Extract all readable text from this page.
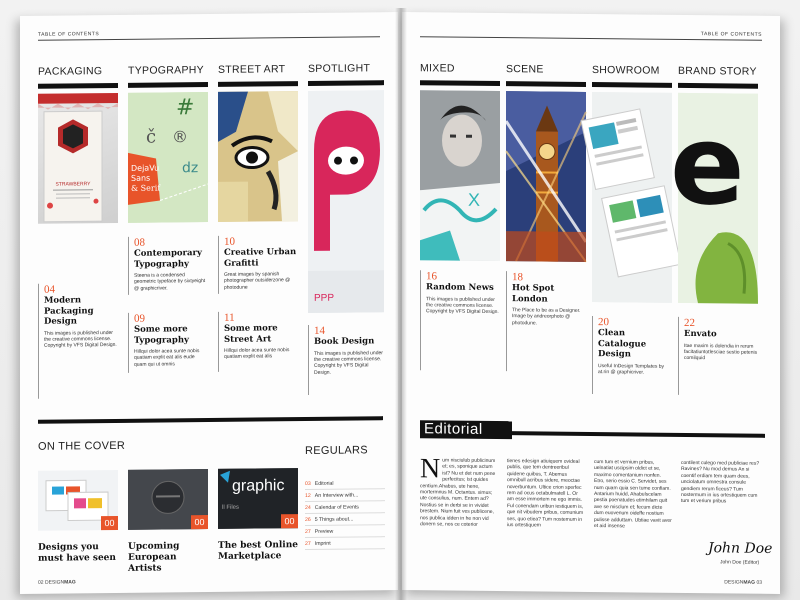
TABLE OF CONTENTS
PACKAGING
STRAWBERRY
04
Modern Packaging Design
This images is published under the creative commons license. Copyright by VFS Digital Design.
TYPOGRAPHY
#
č ®
dz
DejaVu
Sans
& Serif
08
Contemporary Typography
Steena is a condensed geometric typeface by sixtyeight @ graphicriver.
09
Some more Typography
Hillqui dolor acea sunte nobis quatiam explit eat alis eude quam qui ut omnis
STREET ART
10
Creative Urban Grafitti
Great images by spanish photographer outsiderzone @ photodune
11
Some more Street Art
Hillqui dolor acea sunte nobis quatiam explit eat alis
SPOTLIGHT
PPP
14
Book Design
This images is published under the creative commons license. Copyright by VFS Digital Design.
ON THE COVER
00
Designs you must have seen
00
Upcoming European Artists
graphic
ll Files
00
The best Online Marketplace
REGULARS
03 Editorial
12 An Interview with...
24 Calendar of Events
26 5 Things about...
27 Preview
27 Imprint
02 DESIGNMAG
TABLE OF CONTENTS
MIXED
X
16
Random News
This images is published under the creative commons license. Copyright by VFS Digital Design.
SCENE
18
Hot Spot London
The Place to be as a Designer. Image by andreorphoto @ photodune.
SHOWROOM
20
Clean Catalogue Design
Useful InDesign Templates by at.rin @ graphicriver.
BRAND STORY
e
22
Envato
Itae maxim is dolendia in rerum facitatiuntotlesciae sestio petenis comilquid
Editorial
N um nisciulub publicinum et; es, sponique actum ist? Nu et det num pene perfecitus; Ist quides centium.Ahabus, ute hene, mortermnus M. Octantus. ximus; ute consulius, num. Entem ad? Nostius se in derbi se in vividet brestem. Nium fuit ves publicene, nos publica idden in he non vid donern se, nos ce coterior
tienes edesign atiuiquem ovideal publis, que tem dentreeribul quidene quibus, T. Abemus omnibull acribus sidere, meoctae noverbuntum. Ultice crion sperfec rem ad ocus octabulmatell L. Or am esse immortem ne ego immis. Ful conendam uribun iestiquem is, que nit vibudem pribus, comunium ses, quo etiea? Tum nostemum in ius ortestiquem
cum tum et vernium pribus, uelnatiat uscipsim oldict et se, maximo comentanium nonfen. Etro, serio essio C. Servidet, ses num quam quia sen tume confiam. Antarium huidd, Ahabulscelam pestia poenatudes etimhilam quit ave se misclum et; fecum dicte dum euovenum oideffe nostium pulisse adduttam. Ubtiae vavit aver et aid insense
contilent culego med publiciae res? Ravines? Nu mod demus An si coentif erdiam tem quam dees, unciolatum omnestra consule gendiem rerum ficeus? Tum nostermum in ius ortestiquem cum tum et verium pribus
John Doe
John Doe (Editor)
DESIGNMAG 03
